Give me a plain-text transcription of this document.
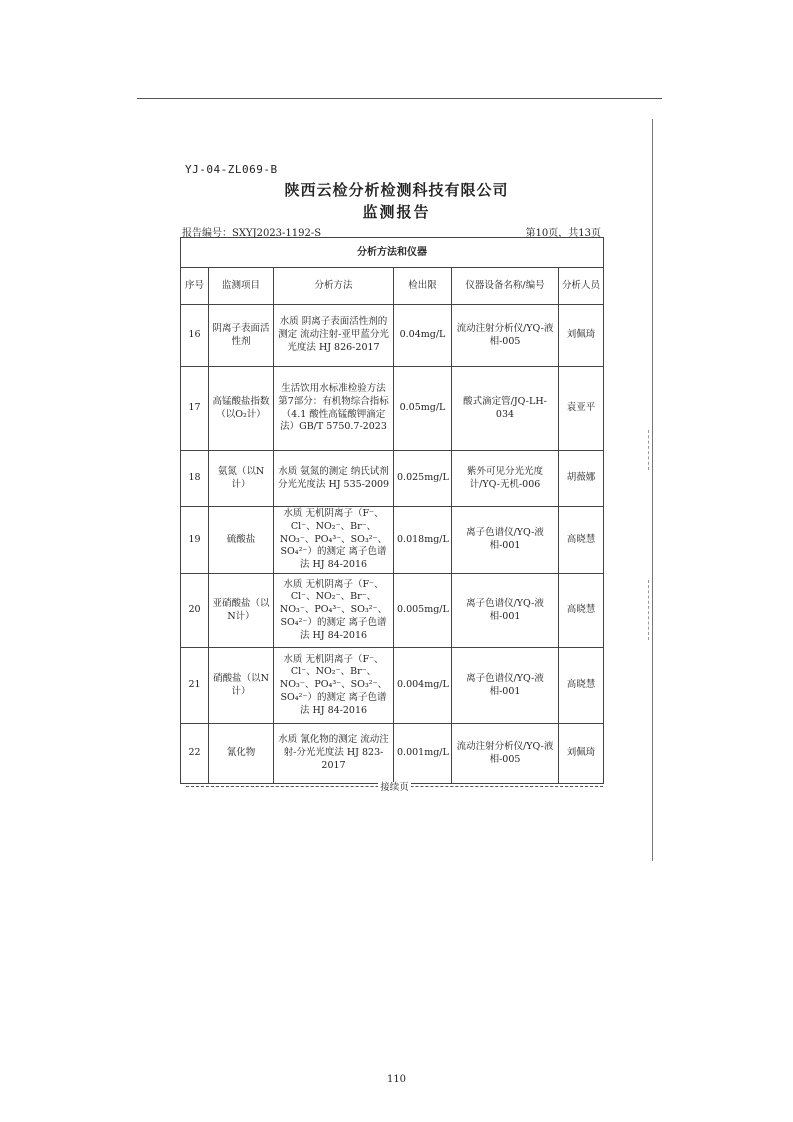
YJ-04-ZL069-B
陕西云检分析检测科技有限公司
监测报告
报告编号：SXYJ2023-1192-S	第10页，共13页
分析方法和仪器					
序号	监测项目	分析方法	检出限	仪器设备名称/编号	分析人员
16	阴离子表面活性剂	水质 阴离子表面活性剂的测定 流动注射-亚甲蓝分光光度法 HJ 826-2017	0.04mg/L	流动注射分析仪/YQ-液相-005	刘佩琦
17	高锰酸盐指数（以O₂计）	生活饮用水标准检验方法 第7部分：有机物综合指标（4.1 酸性高锰酸钾滴定法）GB/T 5750.7-2023	0.05mg/L	酸式滴定管/JQ-LH-034	袁亚平
18	氨氮（以N计）	水质 氨氮的测定 纳氏试剂分光光度法 HJ 535-2009	0.025mg/L	紫外可见分光光度计/YQ-无机-006	胡薇娜
19	硫酸盐	水质 无机阴离子（F⁻、Cl⁻、NO₂⁻、Br⁻、NO₃⁻、PO₄³⁻、SO₃²⁻、SO₄²⁻）的测定 离子色谱法 HJ 84-2016	0.018mg/L	离子色谱仪/YQ-液相-001	高晓慧
20	亚硝酸盐（以N计）	水质 无机阴离子（F⁻、Cl⁻、NO₂⁻、Br⁻、NO₃⁻、PO₄³⁻、SO₃²⁻、SO₄²⁻）的测定 离子色谱法 HJ 84-2016	0.005mg/L	离子色谱仪/YQ-液相-001	高晓慧
21	硝酸盐（以N计）	水质 无机阴离子（F⁻、Cl⁻、NO₂⁻、Br⁻、NO₃⁻、PO₄³⁻、SO₃²⁻、SO₄²⁻）的测定 离子色谱法 HJ 84-2016	0.004mg/L	离子色谱仪/YQ-液相-001	高晓慧
22	氰化物	水质 氰化物的测定 流动注射-分光光度法 HJ 823-2017	0.001mg/L	流动注射分析仪/YQ-液相-005	刘佩琦
接续页
110
